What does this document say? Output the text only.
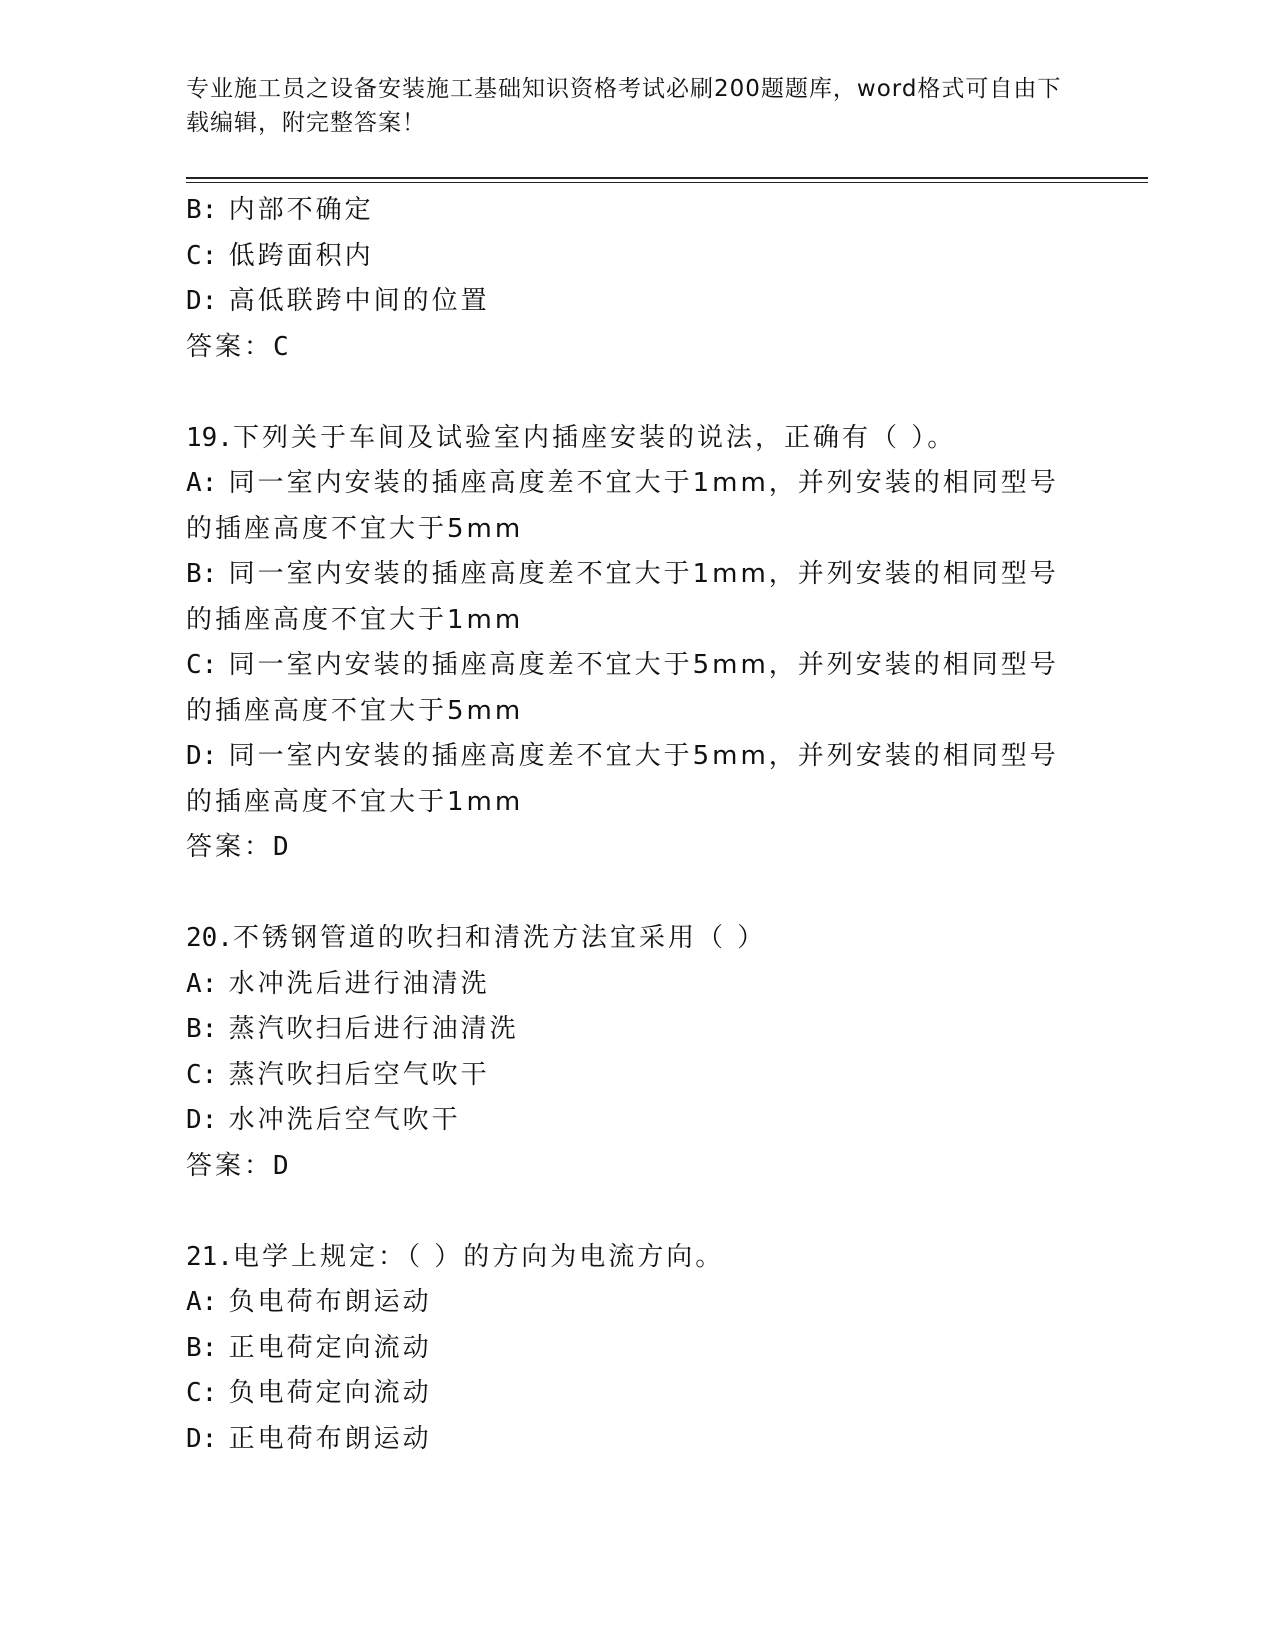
专业施工员之设备安装施工基础知识资格考试必刷200题题库，word格式可自由下载编辑，附完整答案！

B: 内部不确定

C: 低跨面积内

D: 高低联跨中间的位置

答案：C

19.下列关于车间及试验室内插座安装的说法，正确有（ ）。

A: 同一室内安装的插座高度差不宜大于1mm，并列安装的相同型号的插座高度不宜大于5mm

B: 同一室内安装的插座高度差不宜大于1mm，并列安装的相同型号的插座高度不宜大于1mm

C: 同一室内安装的插座高度差不宜大于5mm，并列安装的相同型号的插座高度不宜大于5mm

D: 同一室内安装的插座高度差不宜大于5mm，并列安装的相同型号的插座高度不宜大于1mm

答案：D

20.不锈钢管道的吹扫和清洗方法宜采用（ ）

A: 水冲洗后进行油清洗

B: 蒸汽吹扫后进行油清洗

C: 蒸汽吹扫后空气吹干

D: 水冲洗后空气吹干

答案：D

21.电学上规定：（ ）的方向为电流方向。

A: 负电荷布朗运动

B: 正电荷定向流动

C: 负电荷定向流动

D: 正电荷布朗运动
